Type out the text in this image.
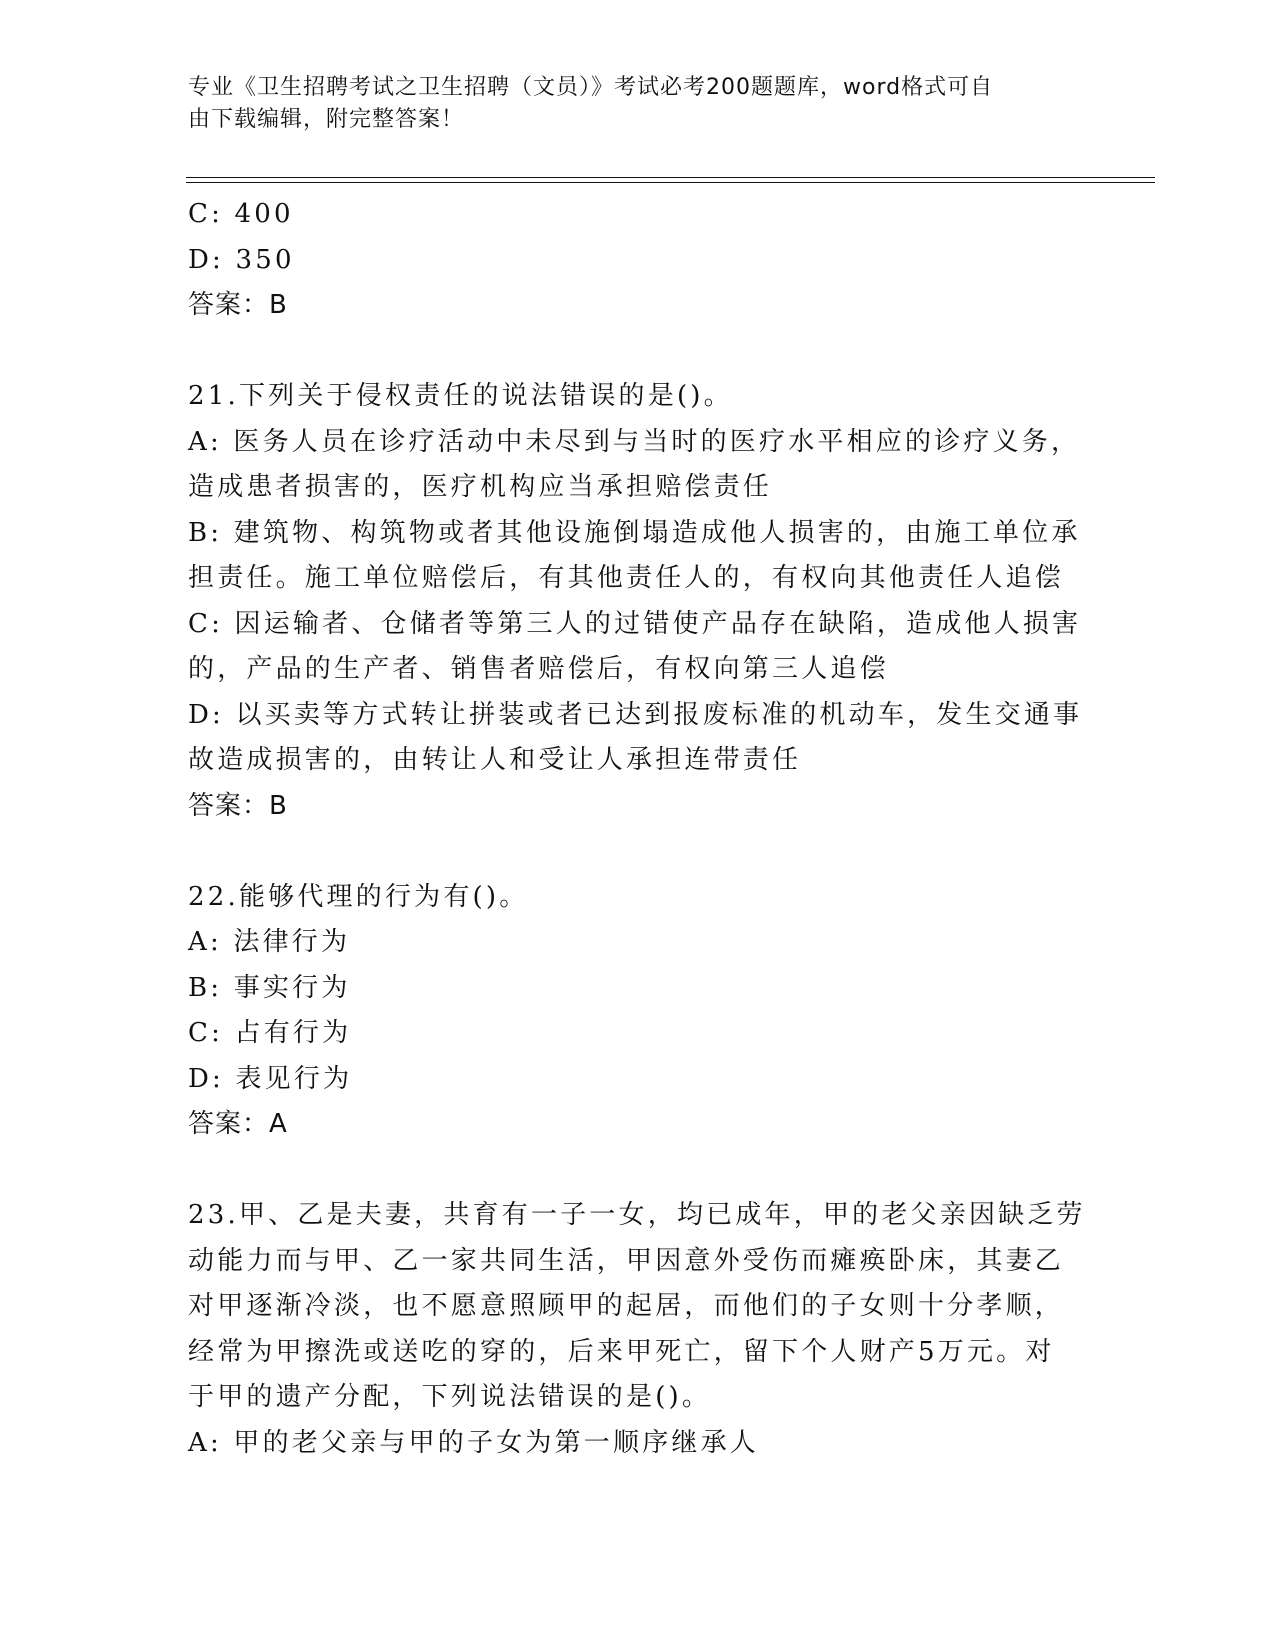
专业《卫生招聘考试之卫生招聘（文员）》考试必考200题题库，word格式可自
由下载编辑，附完整答案！
C: 400
D: 350
答案：B
21.下列关于侵权责任的说法错误的是()。
A: 医务人员在诊疗活动中未尽到与当时的医疗水平相应的诊疗义务，
造成患者损害的，医疗机构应当承担赔偿责任
B: 建筑物、构筑物或者其他设施倒塌造成他人损害的，由施工单位承
担责任。施工单位赔偿后，有其他责任人的，有权向其他责任人追偿
C: 因运输者、仓储者等第三人的过错使产品存在缺陷，造成他人损害
的，产品的生产者、销售者赔偿后，有权向第三人追偿
D: 以买卖等方式转让拼装或者已达到报废标准的机动车，发生交通事
故造成损害的，由转让人和受让人承担连带责任
答案：B
22.能够代理的行为有()。
A: 法律行为
B: 事实行为
C: 占有行为
D: 表见行为
答案：A
23.甲、乙是夫妻，共育有一子一女，均已成年，甲的老父亲因缺乏劳
动能力而与甲、乙一家共同生活，甲因意外受伤而瘫痪卧床，其妻乙
对甲逐渐冷淡，也不愿意照顾甲的起居，而他们的子女则十分孝顺，
经常为甲擦洗或送吃的穿的，后来甲死亡，留下个人财产5万元。对
于甲的遗产分配，下列说法错误的是()。
A: 甲的老父亲与甲的子女为第一顺序继承人
